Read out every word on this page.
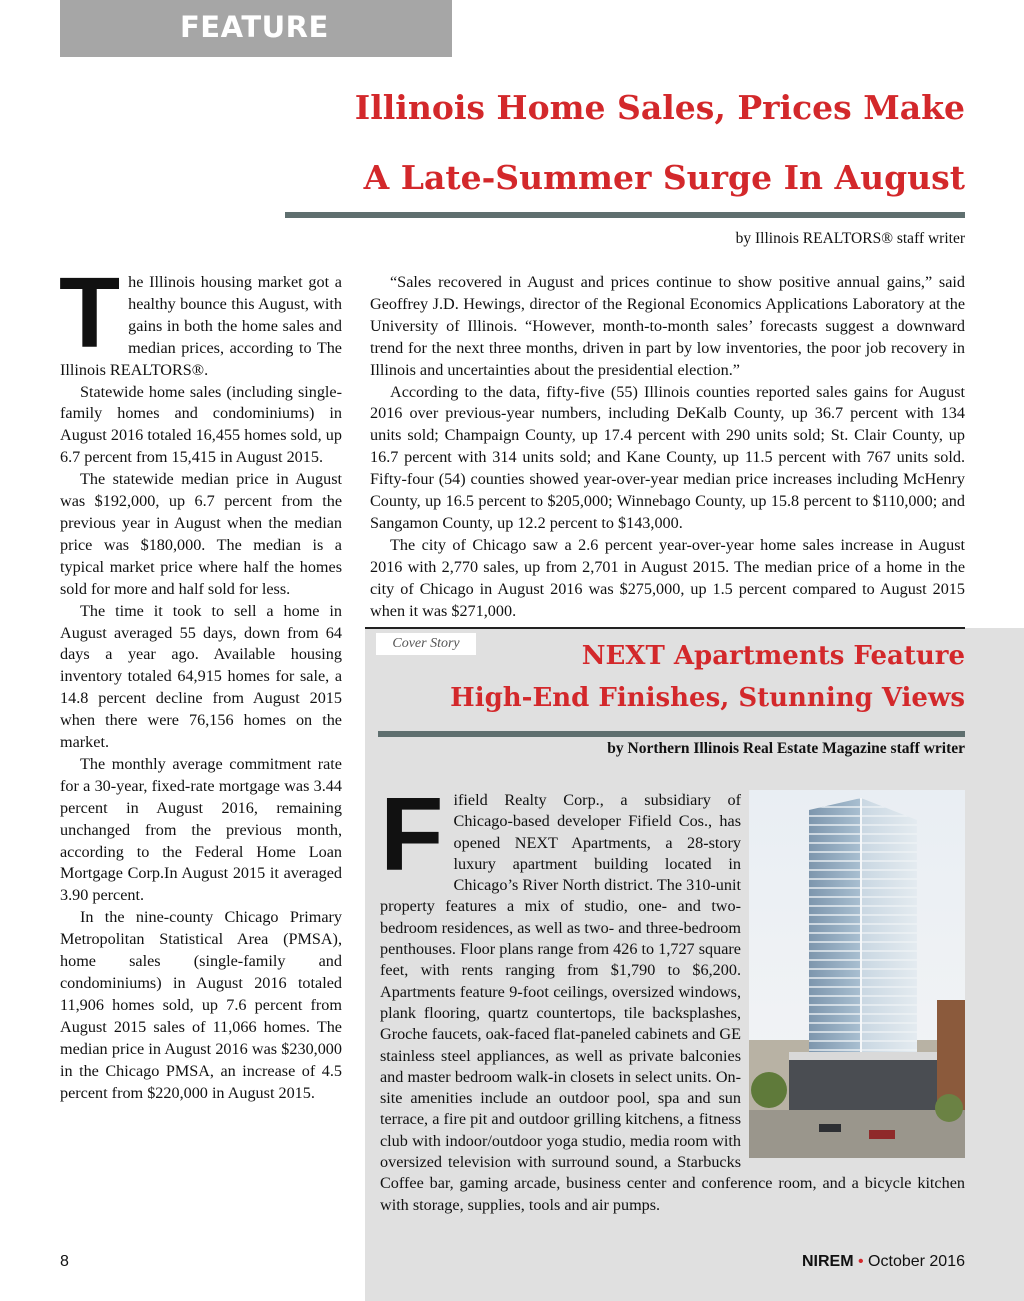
FEATURE
Illinois Home Sales, Prices Make
A Late-Summer Surge In August

by Illinois REALTORS® staff writer

The Illinois housing market got a healthy bounce this August, with gains in both the home sales and median prices, according to The Illinois REALTORS®.

Statewide home sales (including single-family homes and condominiums) in August 2016 totaled 16,455 homes sold, up 6.7 percent from 15,415 in August 2015.

The statewide median price in August was $192,000, up 6.7 percent from the previous year in August when the median price was $180,000. The median is a typical market price where half the homes sold for more and half sold for less.

The time it took to sell a home in August averaged 55 days, down from 64 days a year ago. Available housing inventory totaled 64,915 homes for sale, a 14.8 percent decline from August 2015 when there were 76,156 homes on the market.

The monthly average commitment rate for a 30-year, fixed-rate mortgage was 3.44 percent in August 2016, remaining unchanged from the previous month, according to the Federal Home Loan Mortgage Corp.In August 2015 it averaged 3.90 percent.

In the nine-county Chicago Primary Metropolitan Statistical Area (PMSA), home sales (single-family and condominiums) in August 2016 totaled 11,906 homes sold, up 7.6 percent from August 2015 sales of 11,066 homes. The median price in August 2016 was $230,000 in the Chicago PMSA, an increase of 4.5 percent from $220,000 in August 2015.

“Sales recovered in August and prices continue to show positive annual gains,” said Geoffrey J.D. Hewings, director of the Regional Economics Applications Laboratory at the University of Illinois. “However, month-to-month sales’ forecasts suggest a downward trend for the next three months, driven in part by low inventories, the poor job recovery in Illinois and uncertainties about the presidential election.”

According to the data, fifty-five (55) Illinois counties reported sales gains for August 2016 over previous-year numbers, including DeKalb County, up 36.7 percent with 134 units sold; Champaign County, up 17.4 percent with 290 units sold; St. Clair County, up 16.7 percent with 314 units sold; and Kane County, up 11.5 percent with 767 units sold. Fifty-four (54) counties showed year-over-year median price increases including McHenry County, up 16.5 percent to $205,000; Winnebago County, up 15.8 percent to $110,000; and Sangamon County, up 12.2 percent to $143,000.

The city of Chicago saw a 2.6 percent year-over-year home sales increase in August 2016 with 2,770 sales, up from 2,701 in August 2015. The median price of a home in the city of Chicago in August 2016 was $275,000, up 1.5 percent compared to August 2015 when it was $271,000.

Cover Story	NEXT Apartments Feature
High-End Finishes, Stunning Views

by Northern Illinois Real Estate Magazine staff writer

Fifield Realty Corp., a subsidiary of Chicago-based developer Fifield Cos., has opened NEXT Apartments, a 28-story luxury apartment building located in Chicago’s River North district. The 310-unit property features a mix of studio, one- and two-bedroom residences, as well as two- and three-bedroom penthouses. Floor plans range from 426 to 1,727 square feet, with rents ranging from $1,790 to $6,200. Apartments feature 9-foot ceilings, oversized windows, plank flooring, quartz countertops, tile backsplashes, Groche faucets, oak-faced flat-paneled cabinets and GE stainless steel appliances, as well as private balconies and master bedroom walk-in closets in select units. On-site amenities include an outdoor pool, spa and sun terrace, a fire pit and outdoor grilling kitchens, a fitness club with indoor/outdoor yoga studio, media room with oversized television with surround sound, a Starbucks Coffee bar, gaming arcade, business center and conference room, and a bicycle kitchen with storage, supplies, tools and air pumps.

8	NIREM • October 2016
